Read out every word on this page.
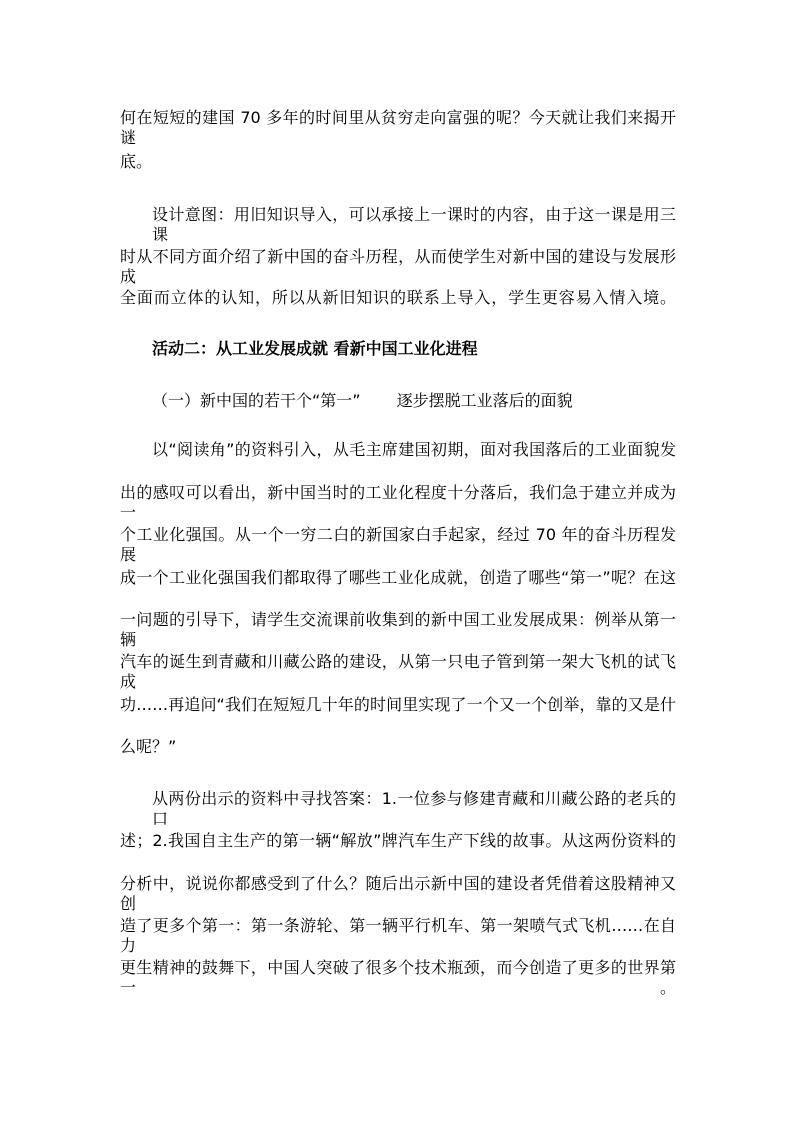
何在短短的建国 70 多年的时间里从贫穷走向富强的呢？今天就让我们来揭开谜
底。
设计意图：用旧知识导入，可以承接上一课时的内容，由于这一课是用三课
时从不同方面介绍了新中国的奋斗历程，从而使学生对新中国的建设与发展形成
全面而立体的认知，所以从新旧知识的联系上导入，学生更容易入情入境。
活动二：从工业发展成就 看新中国工业化进程
（一）新中国的若干个“第一” 逐步摆脱工业落后的面貌
以“阅读角”的资料引入，从毛主席建国初期，面对我国落后的工业面貌发
出的感叹可以看出，新中国当时的工业化程度十分落后，我们急于建立并成为一
个工业化强国。从一个一穷二白的新国家白手起家，经过 70 年的奋斗历程发展
成一个工业化强国我们都取得了哪些工业化成就，创造了哪些“第一”呢？在这
一问题的引导下，请学生交流课前收集到的新中国工业发展成果：例举从第一辆
汽车的诞生到青藏和川藏公路的建设，从第一只电子管到第一架大飞机的试飞成
功……再追问“我们在短短几十年的时间里实现了一个又一个创举，靠的又是什
么呢？”
从两份出示的资料中寻找答案：1.一位参与修建青藏和川藏公路的老兵的口
述；2.我国自主生产的第一辆“解放”牌汽车生产下线的故事。从这两份资料的
分析中，说说你都感受到了什么？随后出示新中国的建设者凭借着这股精神又创
造了更多个第一：第一条游轮、第一辆平行机车、第一架喷气式飞机……在自力
更生精神的鼓舞下，中国人突破了很多个技术瓶颈，而今创造了更多的世界第一。
